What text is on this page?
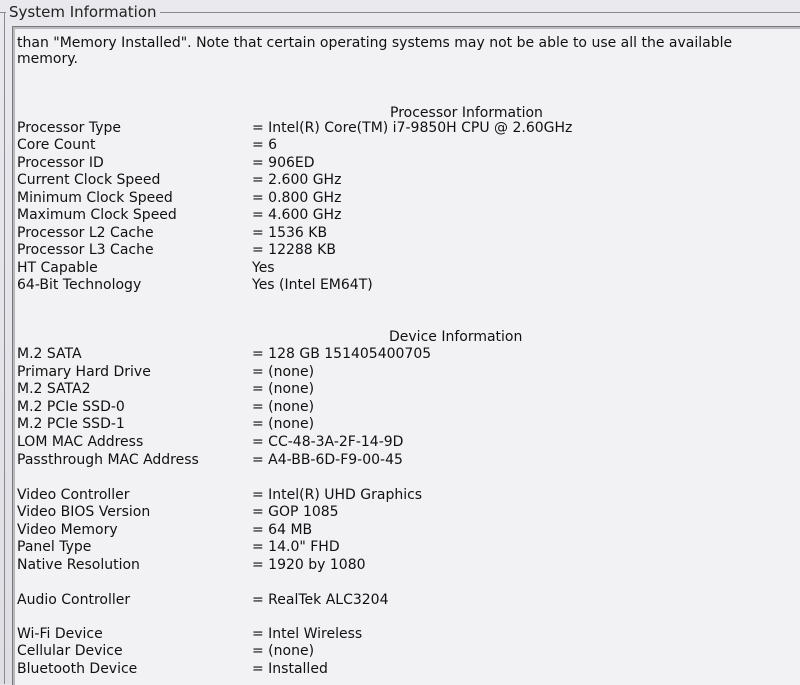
System Information
than "Memory Installed". Note that certain operating systems may not be able to use all the available memory.
Processor Information
Processor Type	= Intel(R) Core(TM) i7-9850H CPU @ 2.60GHz
Core Count	= 6
Processor ID	= 906ED
Current Clock Speed	= 2.600 GHz
Minimum Clock Speed	= 0.800 GHz
Maximum Clock Speed	= 4.600 GHz
Processor L2 Cache	= 1536 KB
Processor L3 Cache	= 12288 KB
HT Capable	Yes
64-Bit Technology	Yes (Intel EM64T)
Device Information
M.2 SATA	= 128 GB 151405400705
Primary Hard Drive	= (none)
M.2 SATA2	= (none)
M.2 PCIe SSD-0	= (none)
M.2 PCIe SSD-1	= (none)
LOM MAC Address	= CC-48-3A-2F-14-9D
Passthrough MAC Address	= A4-BB-6D-F9-00-45
Video Controller	= Intel(R) UHD Graphics
Video BIOS Version	= GOP 1085
Video Memory	= 64 MB
Panel Type	= 14.0" FHD
Native Resolution	= 1920 by 1080
Audio Controller	= RealTek ALC3204
Wi-Fi Device	= Intel Wireless
Cellular Device	= (none)
Bluetooth Device	= Installed
